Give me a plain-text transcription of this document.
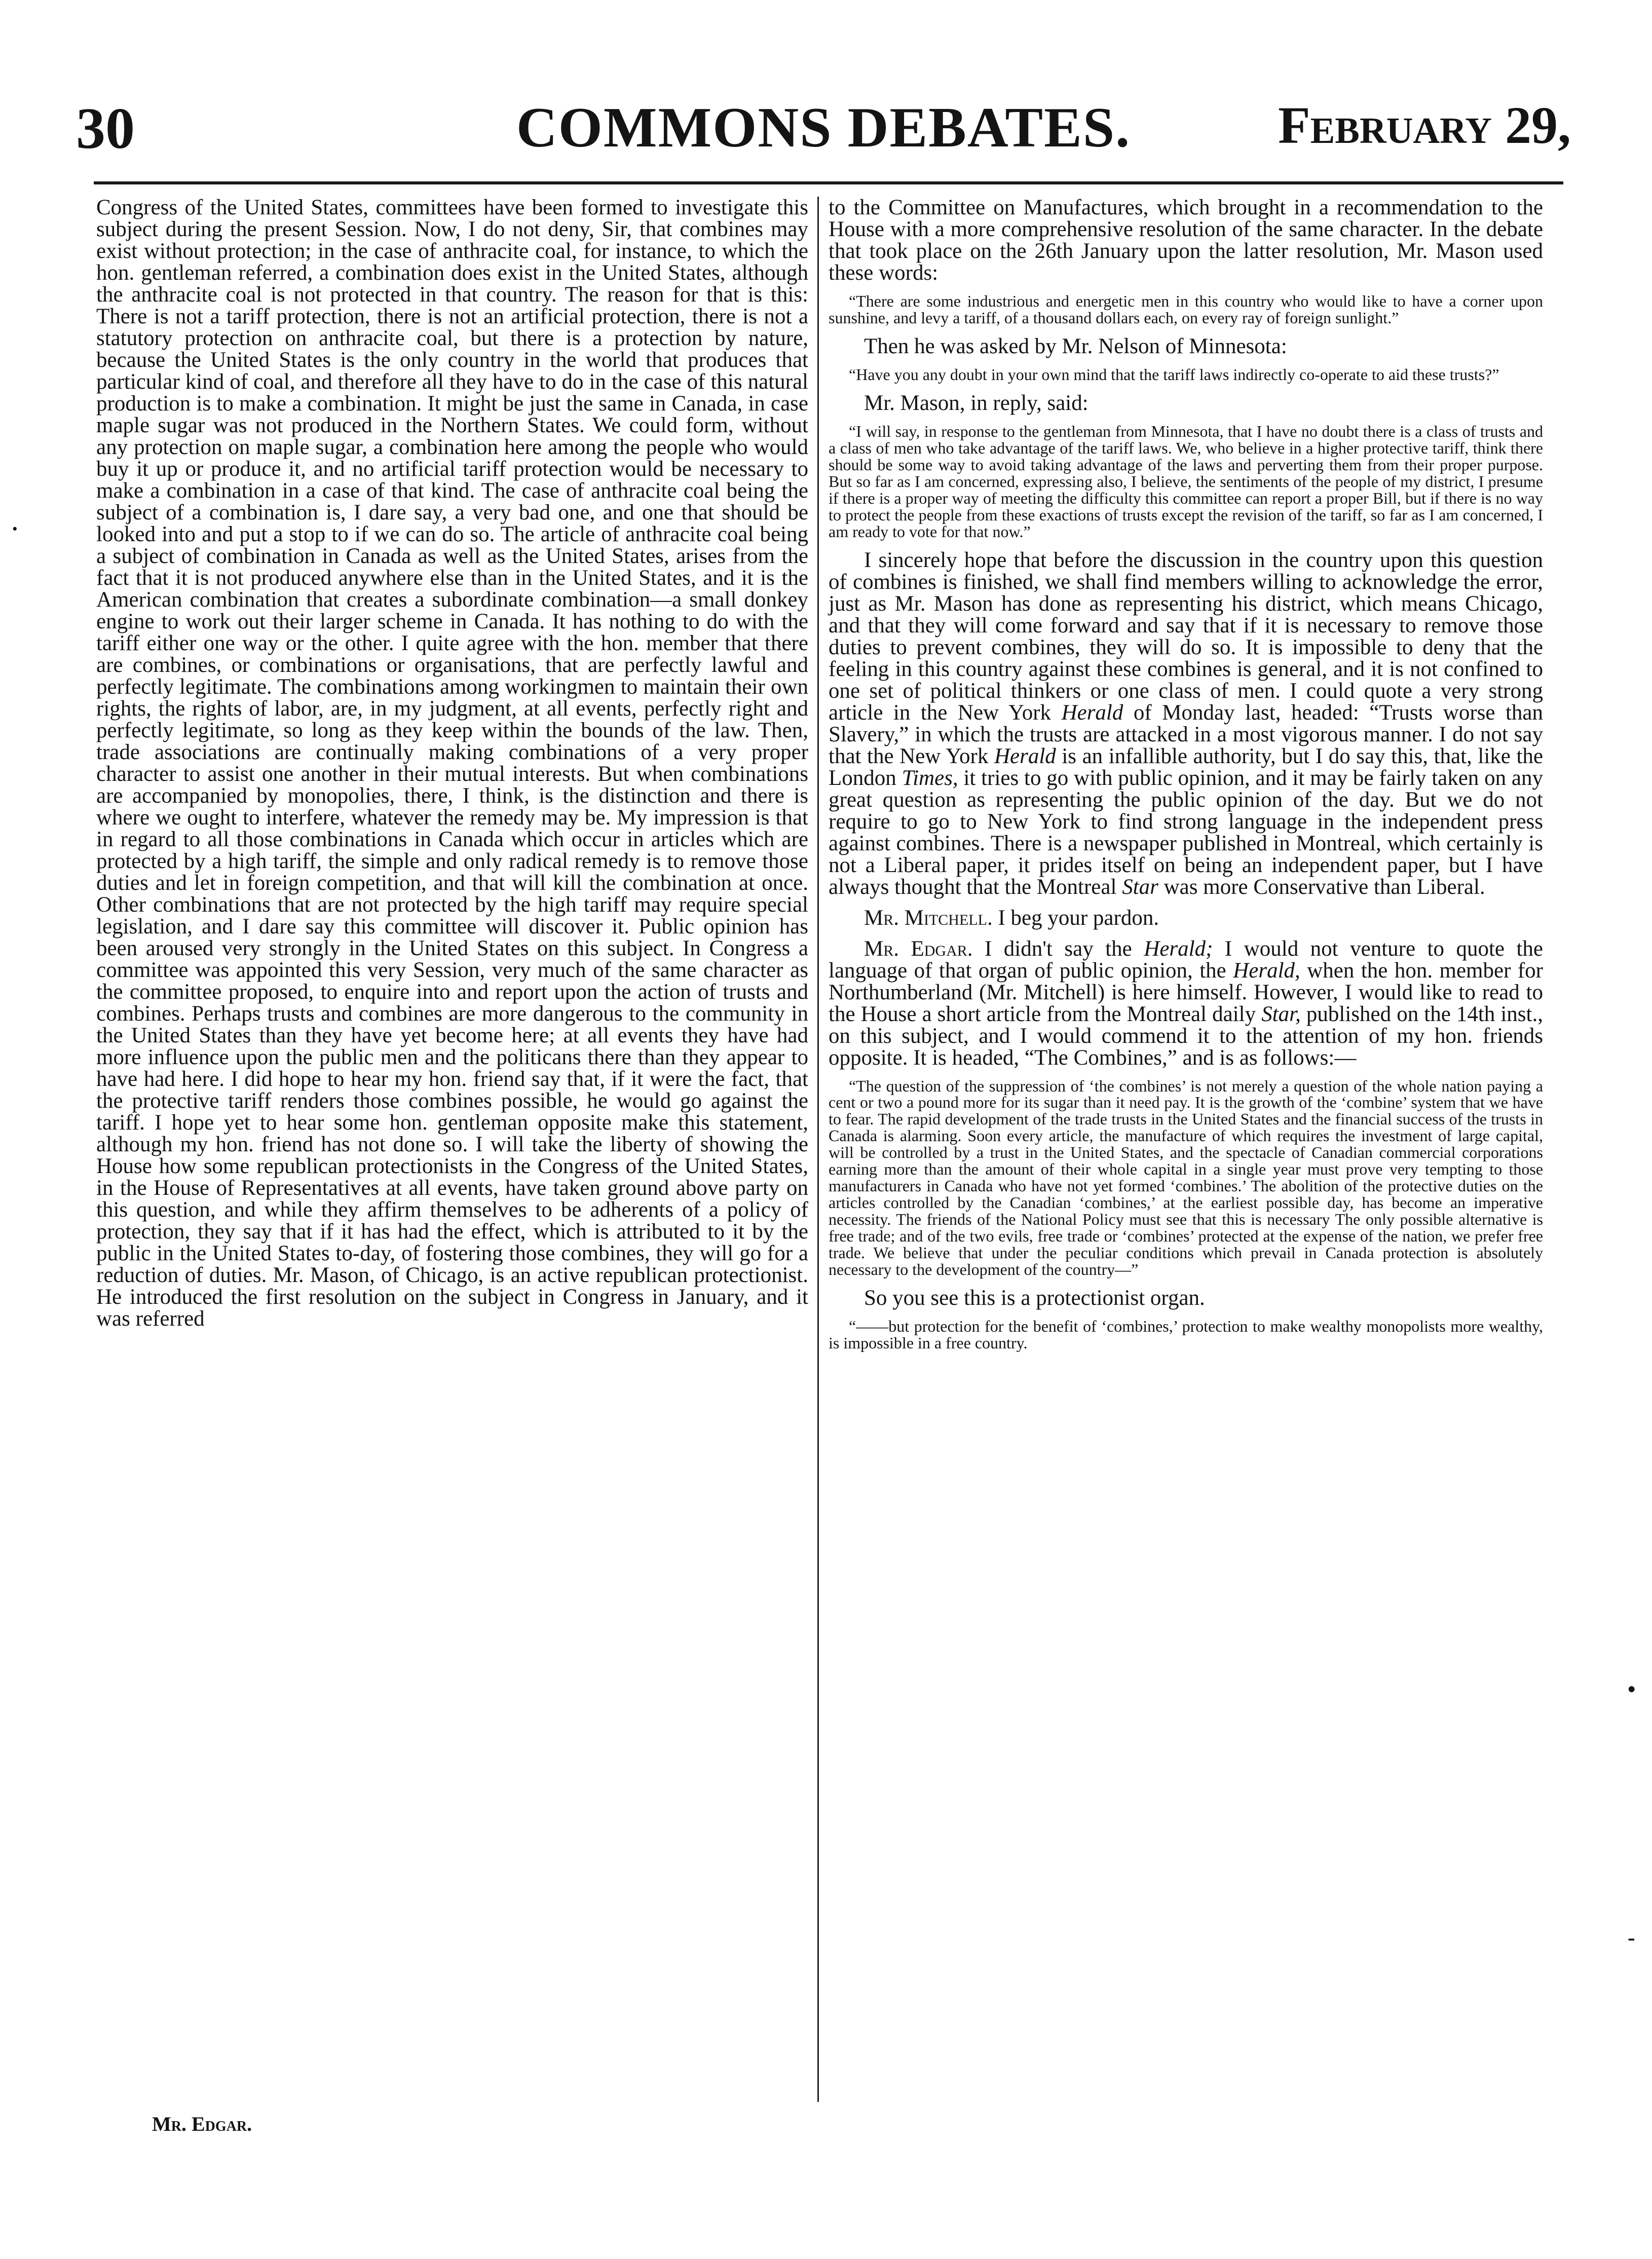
30	COMMONS DEBATES.	February 29,

Congress of the United States, committees have been formed to investigate this subject during the present Session. Now, I do not deny, Sir, that combines may exist without protection; in the case of anthracite coal, for instance, to which the hon. gentleman referred, a combination does exist in the United States, although the anthracite coal is not protected in that country. The reason for that is this: There is not a tariff protection, there is not an artificial protection, there is not a statutory protection on anthracite coal, but there is a protection by nature, because the United States is the only country in the world that produces that particular kind of coal, and therefore all they have to do in the case of this natural production is to make a combination. It might be just the same in Canada, in case maple sugar was not produced in the Northern States. We could form, without any protection on maple sugar, a combination here among the people who would buy it up or produce it, and no artificial tariff protection would be necessary to make a combination in a case of that kind. The case of anthracite coal being the subject of a combination is, I dare say, a very bad one, and one that should be looked into and put a stop to if we can do so. The article of anthracite coal being a subject of combination in Canada as well as the United States, arises from the fact that it is not produced anywhere else than in the United States, and it is the American combination that creates a subordinate combination—a small donkey engine to work out their larger scheme in Canada. It has nothing to do with the tariff either one way or the other. I quite agree with the hon. member that there are combines, or combinations or organisations, that are perfectly lawful and perfectly legitimate. The combinations among workingmen to maintain their own rights, the rights of labor, are, in my judgment, at all events, perfectly right and perfectly legitimate, so long as they keep within the bounds of the law. Then, trade associations are continually making combinations of a very proper character to assist one another in their mutual interests. But when combinations are accompanied by monopolies, there, I think, is the distinction and there is where we ought to interfere, whatever the remedy may be. My impression is that in regard to all those combinations in Canada which occur in articles which are protected by a high tariff, the simple and only radical remedy is to remove those duties and let in foreign competition, and that will kill the combination at once. Other combinations that are not protected by the high tariff may require special legislation, and I dare say this committee will discover it. Public opinion has been aroused very strongly in the United States on this subject. In Congress a committee was appointed this very Session, very much of the same character as the committee proposed, to enquire into and report upon the action of trusts and combines. Perhaps trusts and combines are more dangerous to the community in the United States than they have yet become here; at all events they have had more influence upon the public men and the politicans there than they appear to have had here. I did hope to hear my hon. friend say that, if it were the fact, that the protective tariff renders those combines possible, he would go against the tariff. I hope yet to hear some hon. gentleman opposite make this statement, although my hon. friend has not done so. I will take the liberty of showing the House how some republican protectionists in the Congress of the United States, in the House of Representatives at all events, have taken ground above party on this question, and while they affirm themselves to be adherents of a policy of protection, they say that if it has had the effect, which is attributed to it by the public in the United States to-day, of fostering those combines, they will go for a reduction of duties. Mr. Mason, of Chicago, is an active republican protectionist. He introduced the first resolution on the subject in Congress in January, and it was referred

to the Committee on Manufactures, which brought in a recommendation to the House with a more comprehensive resolution of the same character. In the debate that took place on the 26th January upon the latter resolution, Mr. Mason used these words:

“There are some industrious and energetic men in this country who would like to have a corner upon sunshine, and levy a tariff, of a thousand dollars each, on every ray of foreign sunlight.”

Then he was asked by Mr. Nelson of Minnesota:

“Have you any doubt in your own mind that the tariff laws indirectly co-operate to aid these trusts?”

Mr. Mason, in reply, said:

“I will say, in response to the gentleman from Minnesota, that I have no doubt there is a class of trusts and a class of men who take advantage of the tariff laws. We, who believe in a higher protective tariff, think there should be some way to avoid taking advantage of the laws and perverting them from their proper purpose. But so far as I am concerned, expressing also, I believe, the sentiments of the people of my district, I presume if there is a proper way of meeting the difficulty this committee can report a proper Bill, but if there is no way to protect the people from these exactions of trusts except the revision of the tariff, so far as I am concerned, I am ready to vote for that now.”

I sincerely hope that before the discussion in the country upon this question of combines is finished, we shall find members willing to acknowledge the error, just as Mr. Mason has done as representing his district, which means Chicago, and that they will come forward and say that if it is necessary to remove those duties to prevent combines, they will do so. It is impossible to deny that the feeling in this country against these combines is general, and it is not confined to one set of political thinkers or one class of men. I could quote a very strong article in the New York Herald of Monday last, headed: “Trusts worse than Slavery,” in which the trusts are attacked in a most vigorous manner. I do not say that the New York Herald is an infallible authority, but I do say this, that, like the London Times, it tries to go with public opinion, and it may be fairly taken on any great question as representing the public opinion of the day. But we do not require to go to New York to find strong language in the independent press against combines. There is a newspaper published in Montreal, which certainly is not a Liberal paper, it prides itself on being an independent paper, but I have always thought that the Montreal Star was more Conservative than Liberal.

Mr. Mitchell. I beg your pardon.

Mr. Edgar. I didn't say the Herald; I would not venture to quote the language of that organ of public opinion, the Herald, when the hon. member for Northumberland (Mr. Mitchell) is here himself. However, I would like to read to the House a short article from the Montreal daily Star, published on the 14th inst., on this subject, and I would commend it to the attention of my hon. friends opposite. It is headed, “The Combines,” and is as follows:—

“The question of the suppression of ‘the combines’ is not merely a question of the whole nation paying a cent or two a pound more for its sugar than it need pay. It is the growth of the ‘combine’ system that we have to fear. The rapid development of the trade trusts in the United States and the financial success of the trusts in Canada is alarming. Soon every article, the manufacture of which requires the investment of large capital, will be controlled by a trust in the United States, and the spectacle of Canadian commercial corporations earning more than the amount of their whole capital in a single year must prove very tempting to those manufacturers in Canada who have not yet formed ‘combines.’ The abolition of the protective duties on the articles controlled by the Canadian ‘combines,’ at the earliest possible day, has become an imperative necessity. The friends of the National Policy must see that this is necessary The only possible alternative is free trade; and of the two evils, free trade or ‘combines’ protected at the expense of the nation, we prefer free trade. We believe that under the peculiar conditions which prevail in Canada protection is absolutely necessary to the development of the country—”

So you see this is a protectionist organ.

“——but protection for the benefit of ‘combines,’ protection to make wealthy monopolists more wealthy, is impossible in a free country.

Mr. Edgar.
·
•
-
